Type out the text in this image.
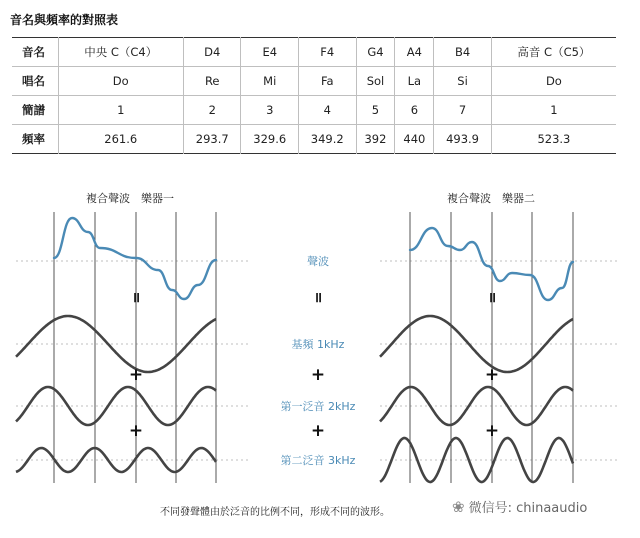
音名與頻率的對照表
音名	中央 C（C4）	D4	E4	F4	G4	A4	B4	高音 C（C5）
唱名	Do	Re	Mi	Fa	Sol	La	Si	Do
簡譜	1	2	3	4	5	6	7	1
頻率	261.6	293.7	329.6	349.2	392	440	493.9	523.3
複合聲波　樂器一	複合聲波　樂器二
聲波
基頻 1kHz
第一泛音 2kHz
第二泛音 3kHz
॥	॥	॥
+	+	+
+	+	+
不同發聲體由於泛音的比例不同，形成不同的波形。	❀ 微信号: chinaaudio
